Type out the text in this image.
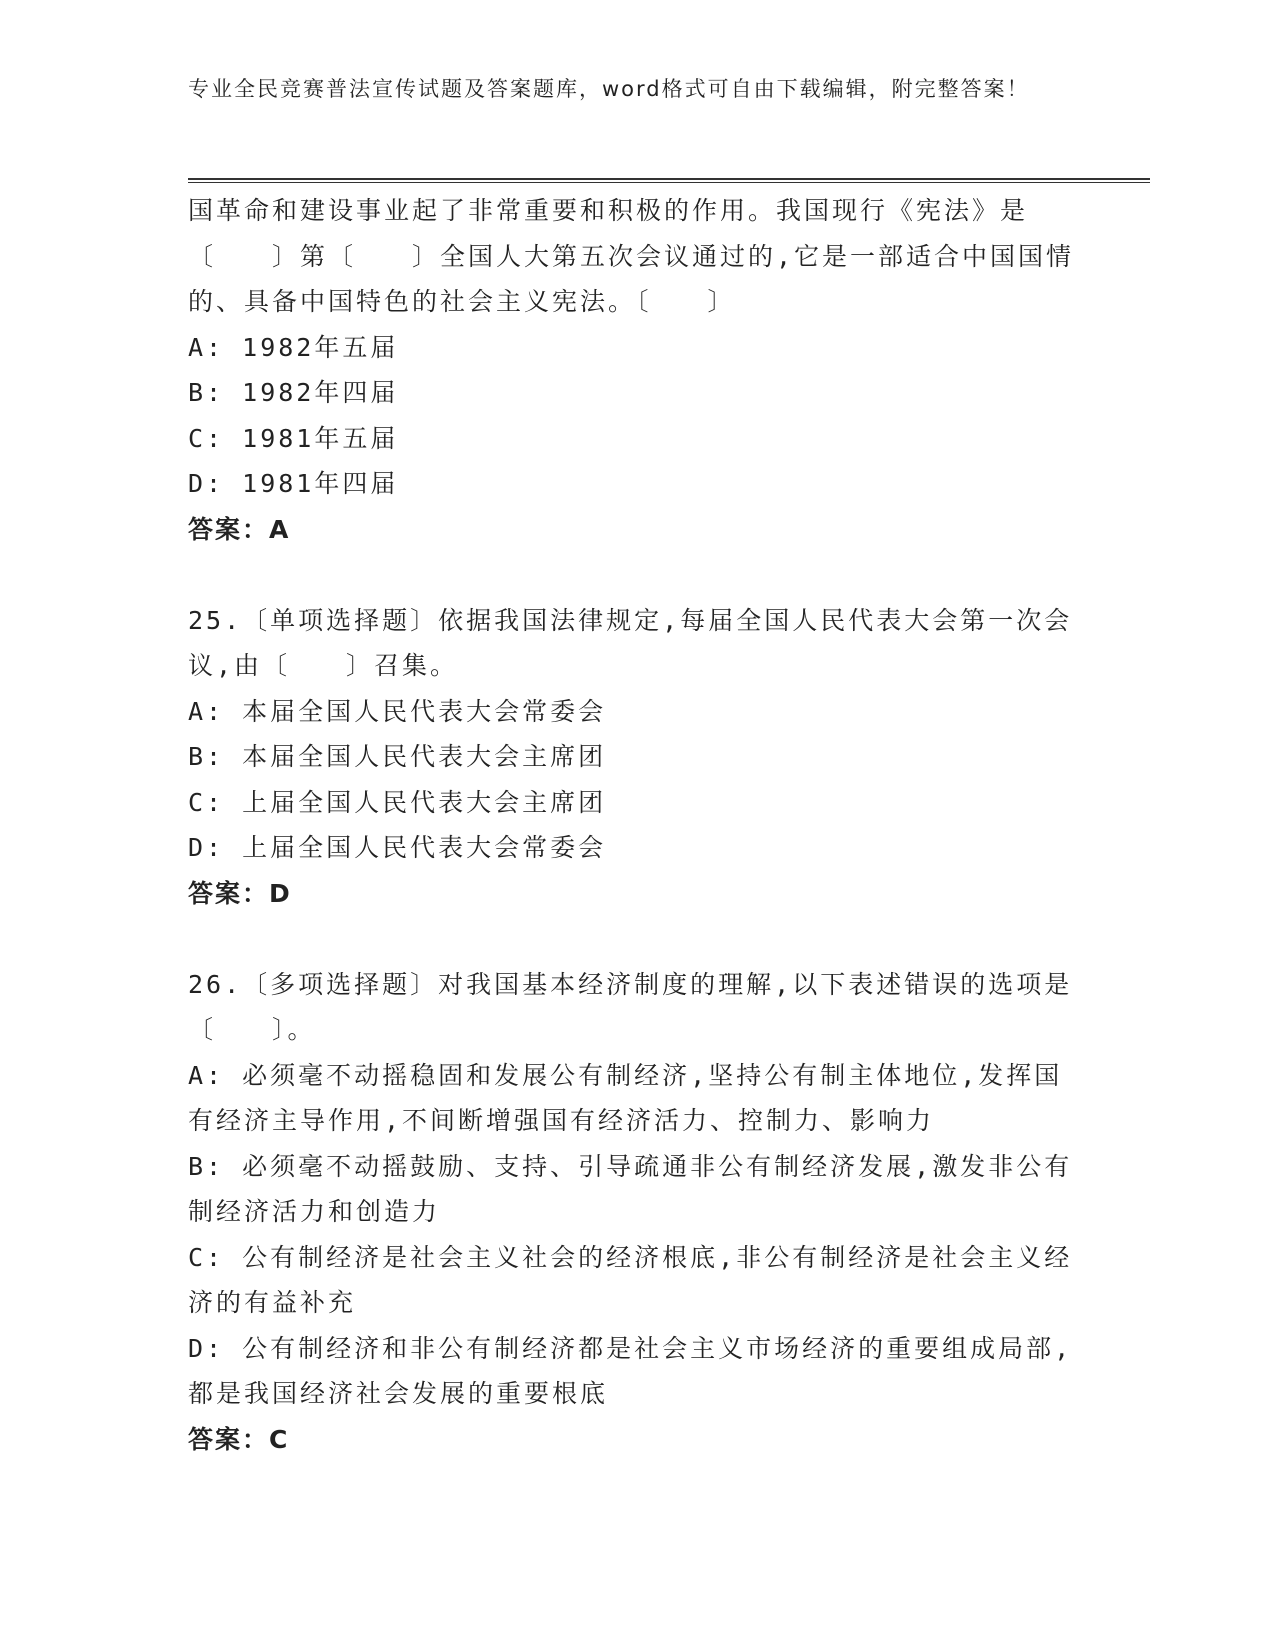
专业全民竞赛普法宣传试题及答案题库，word格式可自由下载编辑，附完整答案！

国革命和建设事业起了非常重要和积极的作用。我国现行《宪法》是〔　　〕第〔　　〕全国人大第五次会议通过的,它是一部适合中国国情的、具备中国特色的社会主义宪法。〔　　〕

A: 1982年五届

B: 1982年四届

C: 1981年五届

D: 1981年四届

答案：A

25.〔单项选择题〕依据我国法律规定,每届全国人民代表大会第一次会议,由〔　　〕召集。

A: 本届全国人民代表大会常委会

B: 本届全国人民代表大会主席团

C: 上届全国人民代表大会主席团

D: 上届全国人民代表大会常委会

答案：D

26.〔多项选择题〕对我国基本经济制度的理解,以下表述错误的选项是〔　　〕。

A: 必须毫不动摇稳固和发展公有制经济,坚持公有制主体地位,发挥国有经济主导作用,不间断增强国有经济活力、控制力、影响力

B: 必须毫不动摇鼓励、支持、引导疏通非公有制经济发展,激发非公有制经济活力和创造力

C: 公有制经济是社会主义社会的经济根底,非公有制经济是社会主义经济的有益补充

D: 公有制经济和非公有制经济都是社会主义市场经济的重要组成局部,都是我国经济社会发展的重要根底

答案：C
